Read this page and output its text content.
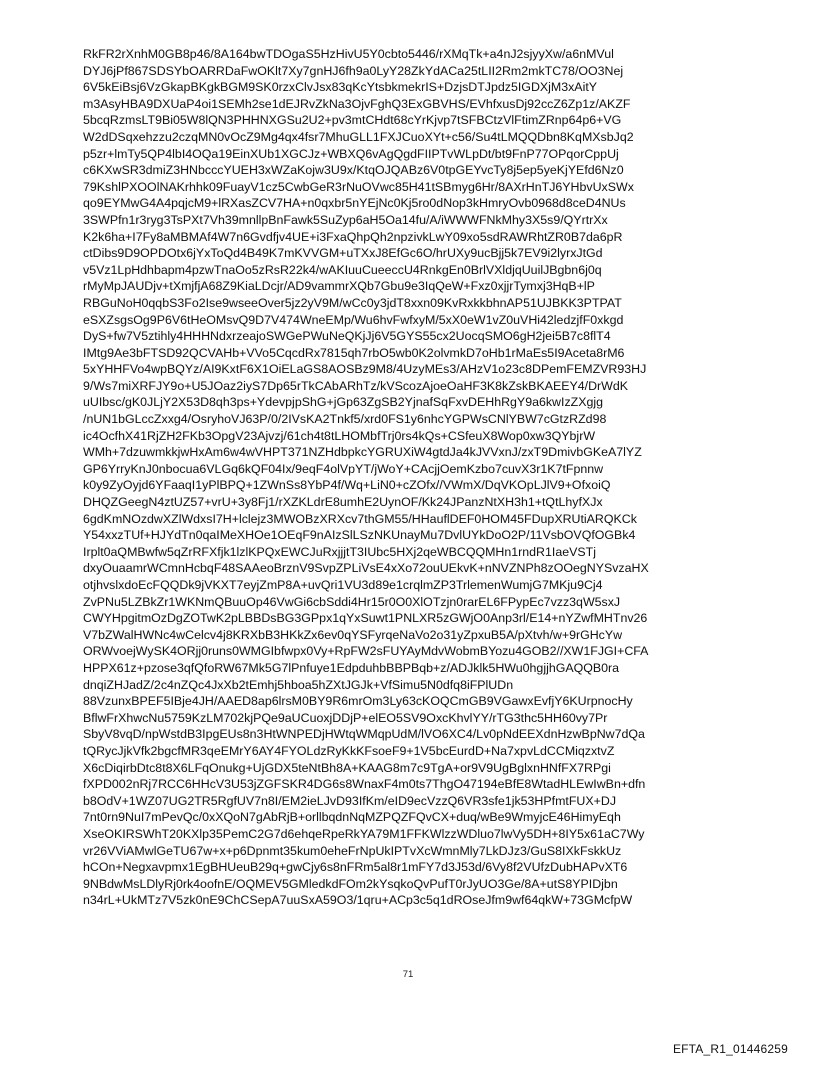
RkFR2rXnhM0GB8p46/8A164bwTDOgaS5HzHivU5Y0cbto5446/rXMqTk+a4nJ2sjyyXw/a6nMVul
DYJ6jPf867SDSYbOARRDaFwOKlt7Xy7gnHJ6fh9a0LyY28ZkYdACa25tLII2Rm2mkTC78/OO3Nej
6V5kEiBsj6VzGkapBKgkBGM9SK0rzxClvJsx83qKcYtsbkmekrIS+DzjsDTJpdz5IGDXjM3xAitY
m3AsyHBA9DXUaP4oi1SEMh2se1dEJRvZkNa3OjvFghQ3ExGBVHS/EVhfxusDj92ccZ6Zp1z/AKZF
5bcqRzmsLT9Bi05W8lQN3PHHNXGSu2U2+pv3mtCHdt68cYrKjvp7tSFBCtzVlFtimZRnp64p6+VG
W2dDSqxehzzu2czqMN0vOcZ9Mg4qx4fsr7MhuGLL1FXJCuoXYt+c56/Su4tLMQQDbn8KqMXsbJq2
p5zr+lmTy5QP4lbI4OQa19EinXUb1XGCJz+WBXQ6vAgQgdFIIPTvWLpDt/bt9FnP77OPqorCppUj
c6KXwSR3dmiZ3HNbcccYUEH3xWZaKojw3U9x/KtqOJQABz6V0tpGEYvcTy8j5ep5yeKjYEfd6Nz0
79KshlPXOOlNAKrhhk09FuayV1cz5CwbGeR3rNuOVwc85H41tSBmyg6Hr/8AXrHnTJ6YHbvUxSWx
qo9EYMwG4A4pqjcM9+lRXasZCV7HA+n0qxbr5nYEjNc0Kj5ro0dNop3kHmryOvb0968d8ceD4NUs
3SWPfn1r3ryg3TsPXt7Vh39mnllpBnFawk5SuZyp6aH5Oa14fu/A/iWWWFNkMhy3X5s9/QYrtrXx
K2k6ha+I7Fy8aMBMAf4W7n6Gvdfjv4UE+i3FxaQhpQh2npzivkLwY09xo5sdRAWRhtZR0B7da6pR
ctDibs9D9OPDOtx6jYxToQd4B49K7mKVVGM+uTXxJ8EfGc6O/hrUXy9ucBjj5k7EV9i2lyrxJtGd
v5Vz1LpHdhbapm4pzwTnaOo5zRsR22k4/wAKIuuCueeccU4RnkgEn0BrlVXldjqUuilJBgbn6j0q
rMyMpJAUDjv+tXmjfjA68Z9KiaLDcjr/AD9vammrXQb7Gbu9e3IqQeW+Fxz0xjjrTymxj3HqB+lP
RBGuNoH0qqbS3Fo2Ise9wseeOver5jz2yV9M/wCc0y3jdT8xxn09KvRxkkbhnAP51UJBKK3PTPAT
eSXZsgsOg9P6V6tHeOMsvQ9D7V474WneEMp/Wu6hvFwfxyM/5xX0eW1vZ0uVHi42ledzjfF0xkgd
DyS+fw7V5ztihly4HHHNdxrzeajoSWGePWuNeQKjJj6V5GYS55cx2UocqSMO6gH2jei5B7c8flT4
IMtg9Ae3bFTSD92QCVAHb+VVo5CqcdRx7815qh7rbO5wb0K2olvmkD7oHb1rMaEs5I9Aceta8rM6
5xYHHFVo4wpBQYz/AI9KxtF6X1OiELaGS8AOSBz9M8/4UzyMEs3/AHzV1o23c8DPemFEMZVR93HJ
9/Ws7miXRFJY9o+U5JOaz2iyS7Dp65rTkCAbARhTz/kVScozAjoeOaHF3K8kZskBKAEEY4/DrWdK
uUIbsc/gK0JLjY2X53D8qh3ps+YdevpjpShG+jGp63ZgSB2YjnafSqFxvDEHhRgY9a6kwIzZXgjg
/nUN1bGLccZxxg4/OsryhoVJ63P/0/2IVsKA2Tnkf5/xrd0FS1y6nhcYGPWsCNlYBW7cGtzRZd98
ic4OcfhX41RjZH2FKb3OpgV23Ajvzj/61ch4t8tLHOMbfTrj0rs4kQs+CSfeuX8Wop0xw3QYbjrW
WMh+7dzuwmkkjwHxAm6w4wVHPT371NZHdbpkcYGRUXiW4gtdJa4kJVVxnJ/zxT9DmivbGKeA7lYZ
GP6YrryKnJ0nbocua6VLGq6kQF04Ix/9eqF4olVpYT/jWoY+CAcjjOemKzbo7cuvX3r1K7tFpnnw
k0y9ZyOyjd6YFaaqI1yPlBPQ+1ZWnSs8YbP4f/Wq+LiN0+cZOfx//VWmX/DqVKOpLJlV9+OfxoiQ
DHQZGeegN4ztUZ57+vrU+3y8Fj1/rXZKLdrE8umhE2UynOF/Kk24JPanzNtXH3h1+tQtLhyfXJx
6gdKmNOzdwXZlWdxsI7H+lclejz3MWOBzXRXcv7thGM55/HHauflDEF0HOM45FDupXRUtiARQKCk
Y54xxzTUf+HJYdTn0qaIMeXHOe1OEqF9nAIzSlLSzNKUnayMu7DvlUYkDoO2P/11VsbOVQfOGBk4
Irplt0aQMBwfw5qZrRFXfjk1lzlKPQxEWCJuRxjjjtT3IUbc5HXj2qeWBCQQMHn1rndR1IaeVSTj
dxyOuaamrWCmnHcbqF48SAAeoBrznV9SvpZPLiVsE4xXo72ouUEkvK+nNVZNPh8zOOegNYSvzaHX
otjhvslxdoEcFQQDk9jVKXT7eyjZmP8A+uvQri1VU3d89e1crqlmZP3TrlemenWumjG7MKju9Cj4
ZvPNu5LZBkZr1WKNmQBuuOp46VwGi6cbSddi4Hr15r0O0XlOTzjn0rarEL6FPypEc7vzz3qW5sxJ
CWYHpgitmOzDgZOTwK2pLBBDsBG3GPpx1qYxSuwt1PNLXR5zGWjO0Anp3rl/E14+nYZwfMHTnv26
V7bZWalHWNc4wCelcv4j8KRXbB3HKkZx6ev0qYSFyrqeNaVo2o31yZpxuB5A/pXtvh/w+9rGHcYw
ORWvoejWySK4ORjj0runs0WMGIbfwpx0Vy+RpFW2sFUYAyMdvWobmBYozu4GOB2//XW1FJGI+CFA
HPPX61z+pzose3qfQfoRW67Mk5G7lPnfuye1EdpduhbBBPBqb+z/ADJklk5HWu0hgjjhGAQQB0ra
dnqiZHJadZ/2c4nZQc4JxXb2tEmhj5hboa5hZXtJGJk+VfSimu5N0dfq8iFPlUDn
88VzunxBPEF5IBje4JH/AAED8ap6lrsM0BY9R6mrOm3Ly63cKOQCmGB9VGawxEvfjY6KUrpnocHy
BflwFrXhwcNu5759KzLM702kjPQe9aUCuoxjDDjP+elEO5SV9OxcKhvlYY/rTG3thc5HH60vy7Pr
SbyV8vqD/npWstdB3IpgEUs8n3HtWNPEDjHWtqWMqpUdM/lVO6XC4/Lv0pNdEEXdnHzwBpNw7dQa
tQRycJjkVfk2bgcfMR3qeEMrY6AY4FYOLdzRyKkKFsoeF9+1V5bcEurdD+Na7xpvLdCCMiqzxtvZ
X6cDiqirbDtc8t8X6LFqOnukg+UjGDX5teNtBh8A+KAAG8m7c9TgA+or9V9UgBglxnHNfFX7RPgi
fXPD002nRj7RCC6HHcV3U53jZGFSKR4DG6s8WnaxF4m0ts7ThgO47194eBfE8WtadHLEwIwBn+dfn
b8OdV+1WZ07UG2TR5RgfUV7n8I/EM2ieLJvD93IfKm/eID9ecVzzQ6VR3sfe1jk53HPfmtFUX+DJ
7nt0rn9NuI7mPevQc/0xXQoN7gAbRjB+orllbqdnNqMZPQZFQvCX+duq/wBe9WmyjcE46HimyEqh
XseOKIRSWhT20KXlp35PemC2G7d6ehqeRpeRkYA79M1FFKWlzzWDluo7lwVy5DH+8IY5x61aC7Wy
vr26VViAMwlGeTU67w+x+p6Dpnmt35kum0eheFrNpUkIPTvXcWmnMly7LkDJz3/GuS8IXkFskkUz
hCOn+Negxavpmx1EgBHUeuB29q+gwCjy6s8nFRm5al8r1mFY7d3J53d/6Vy8f2VUfzDubHAPvXT6
9NBdwMsLDlyRj0rk4oofnE/OQMEV5GMledkdFOm2kYsqkoQvPufT0rJyUO3Ge/8A+utS8YPIDjbn
n34rL+UkMTz7V5zk0nE9ChCSepA7uuSxA59O3/1qru+ACp3c5q1dROseJfm9wf64qkW+73GMcfpW
71
EFTA_R1_01446259
